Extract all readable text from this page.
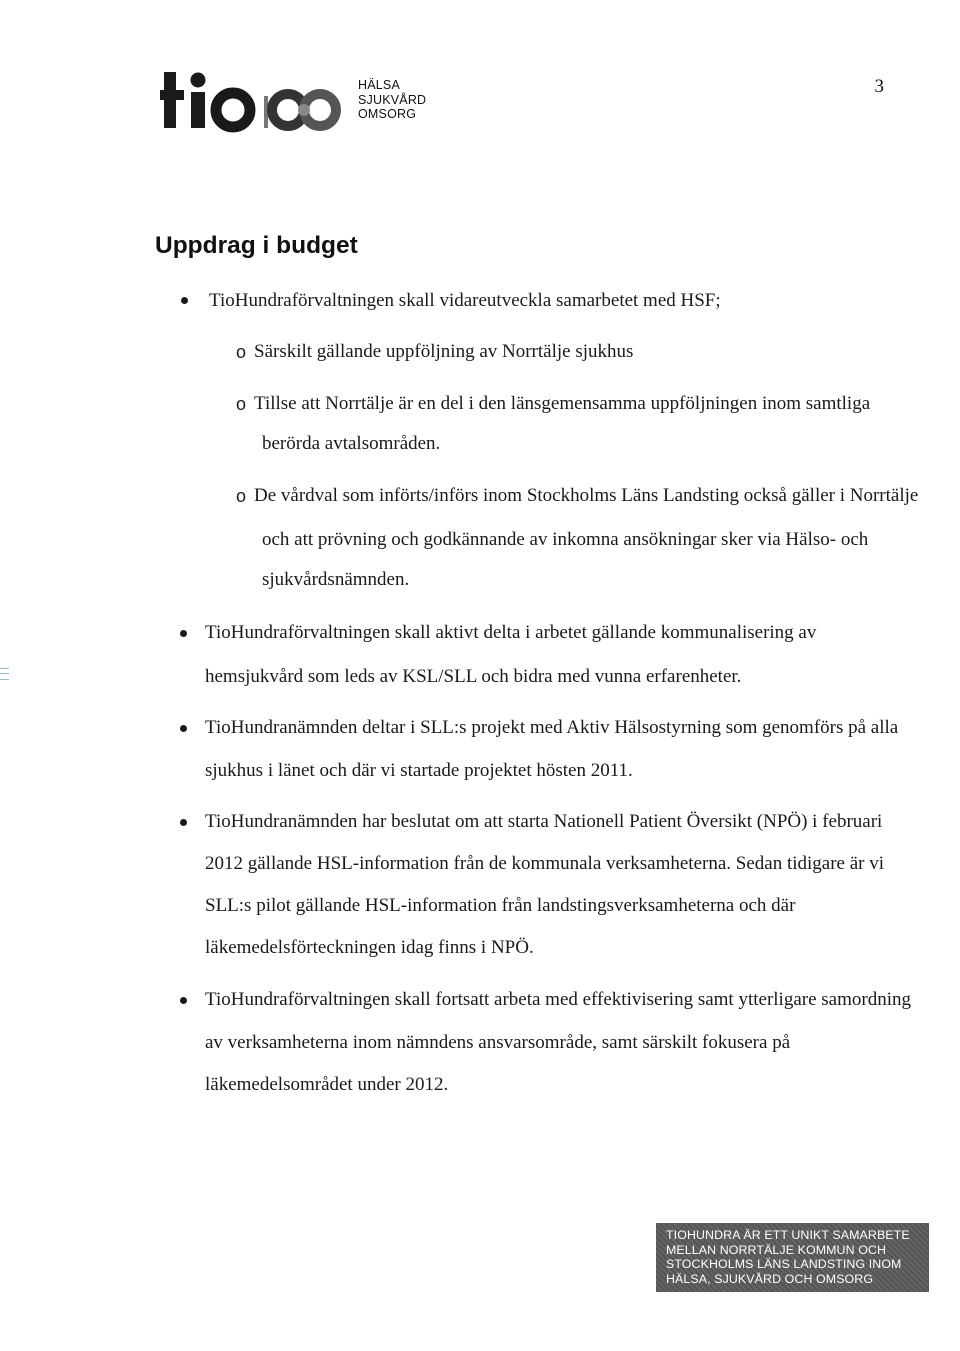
HÄLSA
SJUKVÅRD
OMSORG
3
Uppdrag i budget
TioHundraförvaltningen skall vidareutveckla samarbetet med HSF;
o Särskilt gällande uppföljning av Norrtälje sjukhus
o Tillse att Norrtälje är en del i den länsgemensamma uppföljningen inom samtliga
berörda avtalsområden.
o De vårdval som införts/införs inom Stockholms Läns Landsting också gäller i Norrtälje
och att prövning och godkännande av inkomna ansökningar sker via Hälso- och
sjukvårdsnämnden.
TioHundraförvaltningen skall aktivt delta i arbetet gällande kommunalisering av
hemsjukvård som leds av KSL/SLL och bidra med vunna erfarenheter.
TioHundranämnden deltar i SLL:s projekt med Aktiv Hälsostyrning som genomförs på alla
sjukhus i länet och där vi startade projektet hösten 2011.
TioHundranämnden har beslutat om att starta Nationell Patient Översikt (NPÖ) i februari
2012 gällande HSL-information från de kommunala verksamheterna. Sedan tidigare är vi
SLL:s pilot gällande HSL-information från landstingsverksamheterna och där
läkemedelsförteckningen idag finns i NPÖ.
TioHundraförvaltningen skall fortsatt arbeta med effektivisering samt ytterligare samordning
av verksamheterna inom nämndens ansvarsområde, samt särskilt fokusera på
läkemedelsområdet under 2012.
TIOHUNDRA ÄR ETT UNIKT SAMARBETE
MELLAN NORRTÄLJE KOMMUN OCH
STOCKHOLMS LÄNS LANDSTING INOM
HÄLSA, SJUKVÅRD OCH OMSORG
